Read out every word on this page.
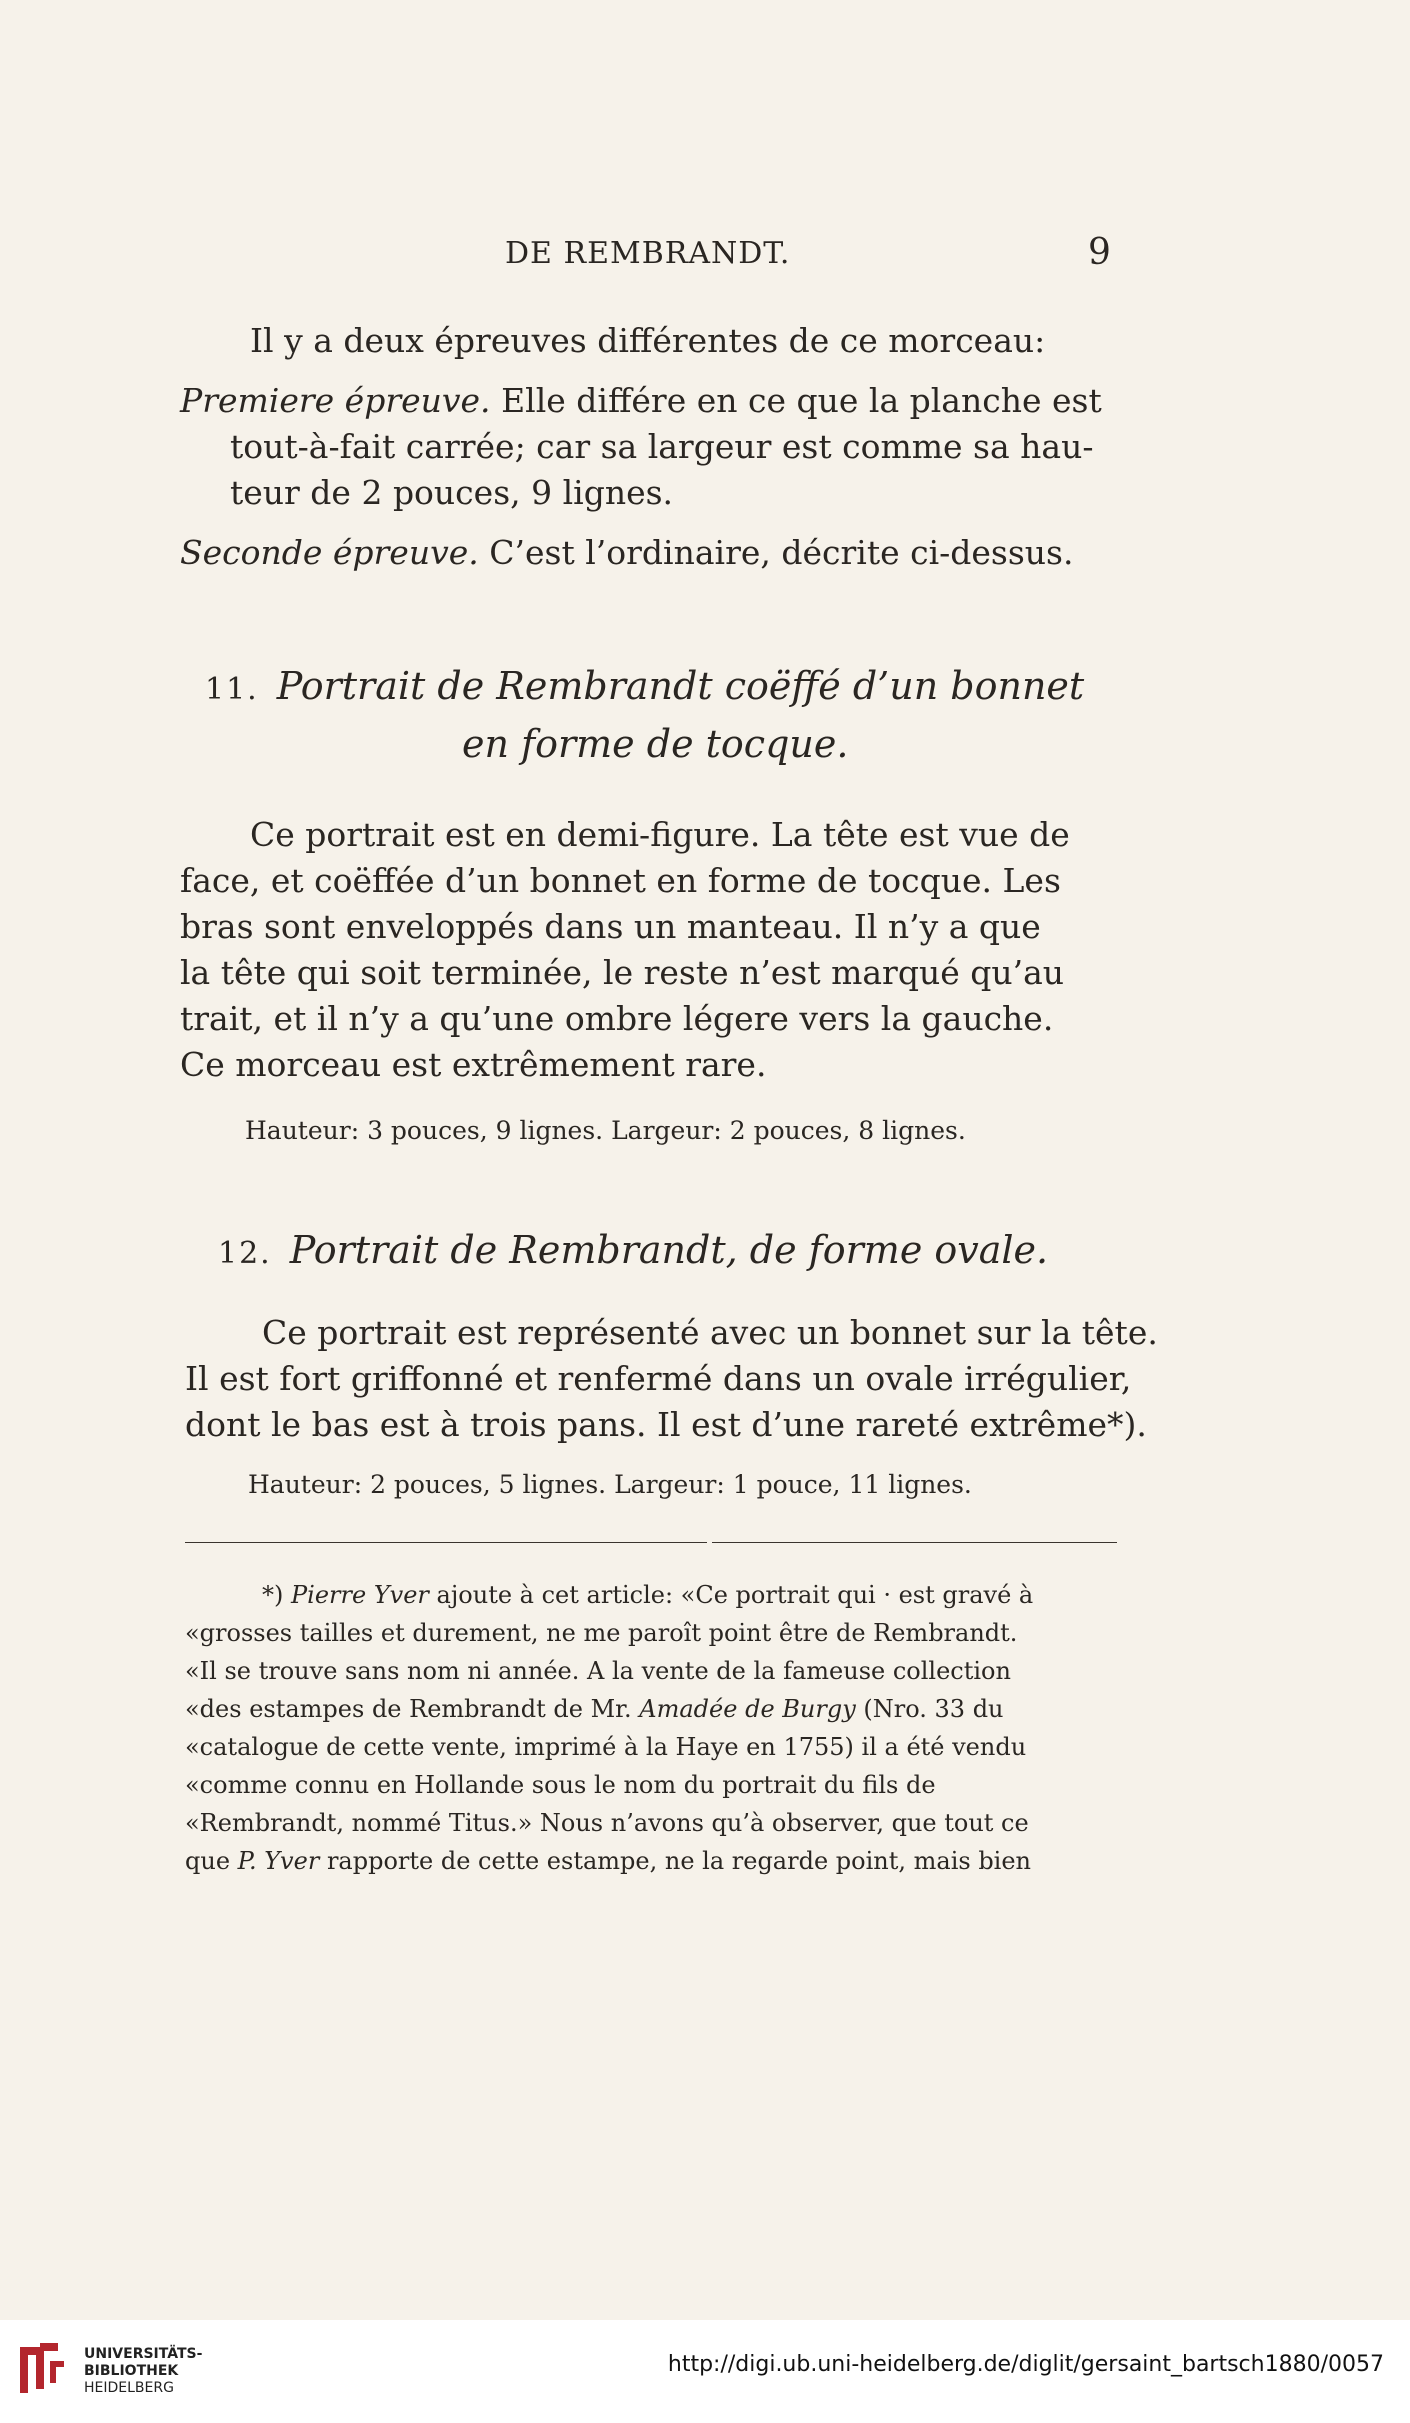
DE REMBRANDT.	9
Il y a deux épreuves différentes de ce morceau:
Premiere épreuve. Elle différe en ce que la planche est
tout-à-fait carrée; car sa largeur est comme sa hau-
teur de 2 pouces, 9 lignes.
Seconde épreuve. C’est l’ordinaire, décrite ci-dessus.
11. Portrait de Rembrandt coëffé d’un bonnet
en forme de tocque.
Ce portrait est en demi-figure. La tête est vue de
face, et coëffée d’un bonnet en forme de tocque. Les
bras sont enveloppés dans un manteau. Il n’y a que
la tête qui soit terminée, le reste n’est marqué qu’au
trait, et il n’y a qu’une ombre légere vers la gauche.
Ce morceau est extrêmement rare.
Hauteur: 3 pouces, 9 lignes. Largeur: 2 pouces, 8 lignes.
12. Portrait de Rembrandt, de forme ovale.
Ce portrait est représenté avec un bonnet sur la tête.
Il est fort griffonné et renfermé dans un ovale irrégulier,
dont le bas est à trois pans. Il est d’une rareté extrême*).
Hauteur: 2 pouces, 5 lignes. Largeur: 1 pouce, 11 lignes.
*) Pierre Yver ajoute à cet article: «Ce portrait qui · est gravé à
«grosses tailles et durement, ne me paroît point être de Rembrandt.
«Il se trouve sans nom ni année. A la vente de la fameuse collection
«des estampes de Rembrandt de Mr. Amadée de Burgy (Nro. 33 du
«catalogue de cette vente, imprimé à la Haye en 1755) il a été vendu
«comme connu en Hollande sous le nom du portrait du fils de
«Rembrandt, nommé Titus.» Nous n’avons qu’à observer, que tout ce
que P. Yver rapporte de cette estampe, ne la regarde point, mais bien
UNIVERSITÄTS-
BIBLIOTHEK
HEIDELBERG
http://digi.ub.uni-heidelberg.de/diglit/gersaint_bartsch1880/0057
